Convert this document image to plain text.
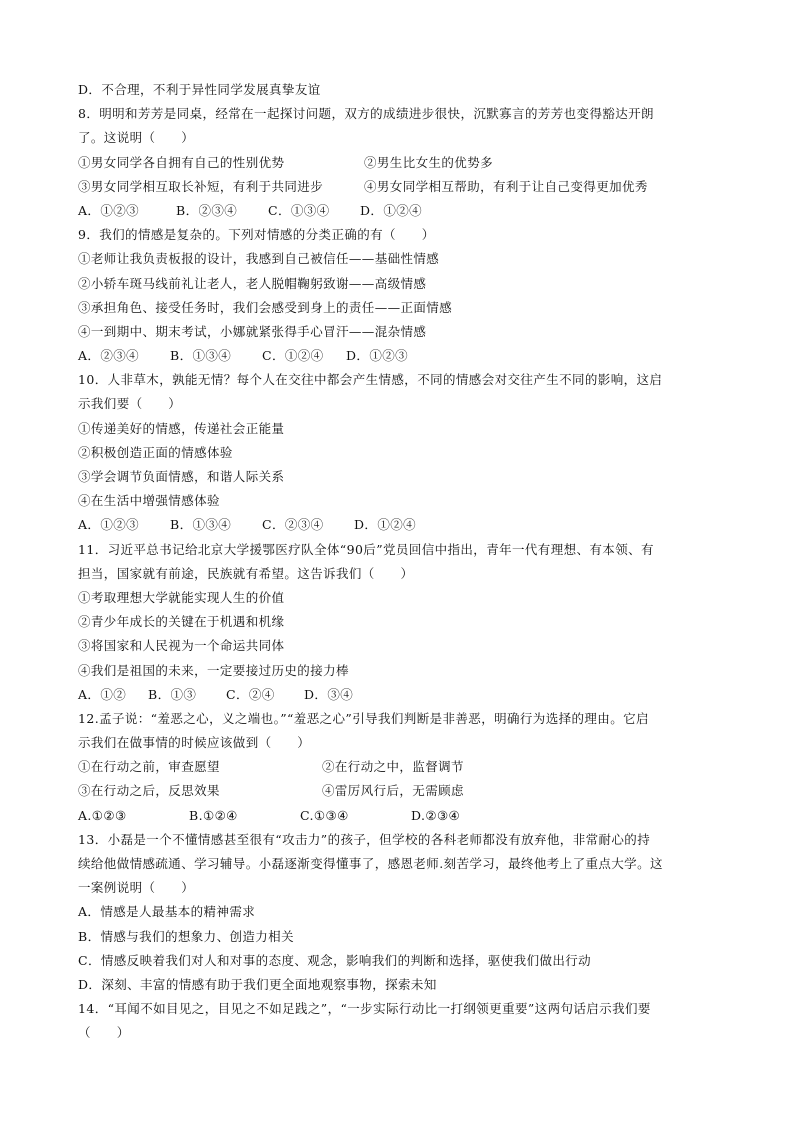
D．不合理，不利于异性同学发展真挚友谊
8．明明和芳芳是同桌，经常在一起探讨问题，双方的成绩进步很快，沉默寡言的芳芳也变得豁达开朗
了。这说明（　　）
①男女同学各自拥有自己的性别优势	②男生比女生的优势多
③男女同学相互取长补短，有利于共同进步	④男女同学相互帮助，有利于让自己变得更加优秀
A．①②③	B．②③④	C．①③④	D．①②④
9．我们的情感是复杂的。下列对情感的分类正确的有（　　）
①老师让我负责板报的设计，我感到自己被信任——基础性情感
②小轿车斑马线前礼让老人，老人脱帽鞠躬致谢——高级情感
③承担角色、接受任务时，我们会感受到身上的责任——正面情感
④一到期中、期末考试，小娜就紧张得手心冒汗——混杂情感
A．②③④	B．①③④	C．①②④	D．①②③
10．人非草木，孰能无情？每个人在交往中都会产生情感，不同的情感会对交往产生不同的影响，这启
示我们要（　　）
①传递美好的情感，传递社会正能量
②积极创造正面的情感体验
③学会调节负面情感，和谐人际关系
④在生活中增强情感体验
A．①②③	B．①③④	C．②③④	D．①②④
11．习近平总书记给北京大学援鄂医疗队全体“90后”党员回信中指出，青年一代有理想、有本领、有
担当，国家就有前途，民族就有希望。这告诉我们（　　）
①考取理想大学就能实现人生的价值
②青少年成长的关键在于机遇和机缘
③将国家和人民视为一个命运共同体
④我们是祖国的未来，一定要接过历史的接力棒
A．①②	B．①③	C．②④	D．③④
12.孟子说：“羞恶之心，义之端也。”“羞恶之心”引导我们判断是非善恶，明确行为选择的理由。它启
示我们在做事情的时候应该做到（　　）
①在行动之前，审查愿望	②在行动之中，监督调节
③在行动之后，反思效果	④雷厉风行后，无需顾虑
A.①②③	B.①②④	C.①③④	D.②③④
13．小磊是一个不懂情感甚至很有“攻击力”的孩子，但学校的各科老师都没有放弃他，非常耐心的持
续给他做情感疏通、学习辅导。小磊逐渐变得懂事了，感恩老师.刻苦学习，最终他考上了重点大学。这
一案例说明（　　）
A．情感是人最基本的精神需求
B．情感与我们的想象力、创造力相关
C．情感反映着我们对人和对事的态度、观念，影响我们的判断和选择，驱使我们做出行动
D．深刻、丰富的情感有助于我们更全面地观察事物，探索未知
14．“耳闻不如目见之，目见之不如足践之”，“一步实际行动比一打纲领更重要”这两句话启示我们要
（　　）
